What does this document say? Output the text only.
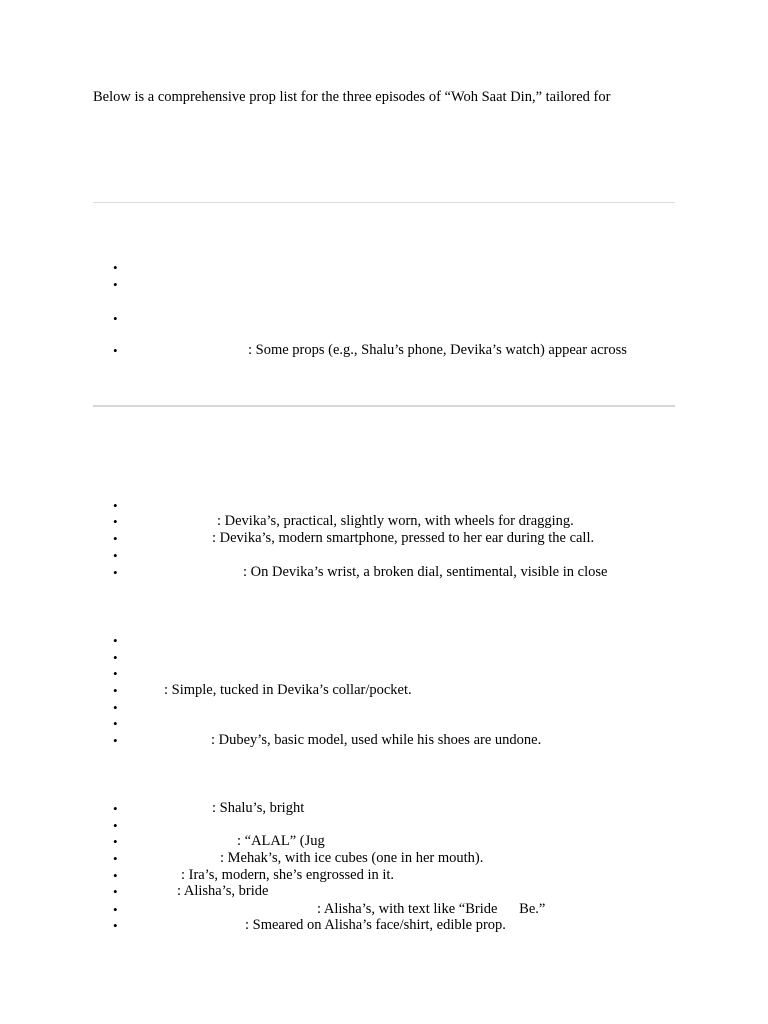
Below is a comprehensive prop list for the three episodes of “Woh Saat Din,” tailored for
•
•
•
•	: Some props (e.g., Shalu’s phone, Devika’s watch) appear across
•
•	: Devika’s, practical, slightly worn, with wheels for dragging.
•	: Devika’s, modern smartphone, pressed to her ear during the call.
•
•	: On Devika’s wrist, a broken dial, sentimental, visible in close
•
•
•
•	: Simple, tucked in Devika’s collar/pocket.
•
•
•	: Dubey’s, basic model, used while his shoes are undone.
•	: Shalu’s, bright
•
•	: “ALAL” (Jug
•	: Mehak’s, with ice cubes (one in her mouth).
•	: Ira’s, modern, she’s engrossed in it.
•	: Alisha’s, bride
•	: Alisha’s, with text like “Bride      Be.”
•	: Smeared on Alisha’s face/shirt, edible prop.
